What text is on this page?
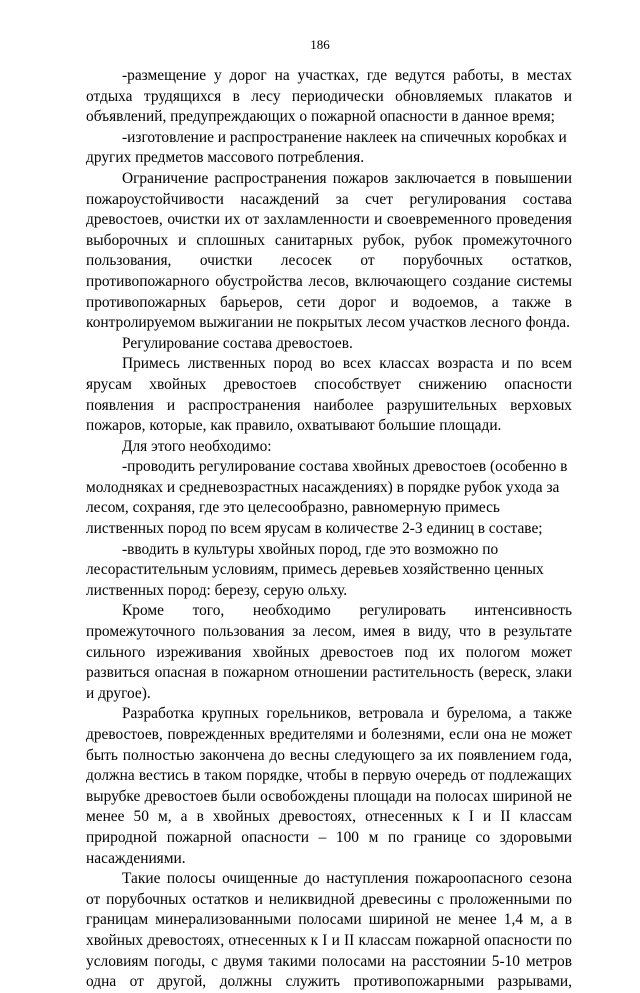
186

-размещение у дорог на участках, где ведутся работы, в местах отдыха трудящихся в лесу периодически обновляемых плакатов и объявлений, предупреждающих о пожарной опасности в данное время;

-изготовление и распространение наклеек на спичечных коробках и других предметов массового потребления.

Ограничение распространения пожаров заключается в повышении пожароустойчивости насаждений за счет регулирования состава древостоев, очистки их от захламленности и своевременного проведения выборочных и сплошных санитарных рубок, рубок промежуточного пользования, очистки лесосек от порубочных остатков, противопожарного обустройства лесов, включающего создание системы противопожарных барьеров, сети дорог и водоемов, а также в контролируемом выжигании не покрытых лесом участков лесного фонда.

Регулирование состава древостоев.

Примесь лиственных пород во всех классах возраста и по всем ярусам хвойных древостоев способствует снижению опасности появления и распространения наиболее разрушительных верховых пожаров, которые, как правило, охватывают большие площади.

Для этого необходимо:

-проводить регулирование состава хвойных древостоев (особенно в молодняках и средневозрастных насаждениях) в порядке рубок ухода за лесом, сохраняя, где это целесообразно, равномерную примесь лиственных пород по всем ярусам в количестве 2-3 единиц в составе;

-вводить в культуры хвойных пород, где это возможно по лесорастительным условиям, примесь деревьев хозяйственно ценных лиственных пород: березу, серую ольху.

Кроме того, необходимо регулировать интенсивность промежуточного пользования за лесом, имея в виду, что в результате сильного изреживания хвойных древостоев под их пологом может развиться опасная в пожарном отношении растительность (вереск, злаки и другое).

Разработка крупных горельников, ветровала и бурелома, а также древостоев, поврежденных вредителями и болезнями, если она не может быть полностью закончена до весны следующего за их появлением года, должна вестись в таком порядке, чтобы в первую очередь от подлежащих вырубке древостоев были освобождены площади на полосах шириной не менее 50 м, а в хвойных древостоях, отнесенных к I и II классам природной пожарной опасности – 100 м по границе со здоровыми насаждениями.

Такие полосы очищенные до наступления пожароопасного сезона от порубочных остатков и неликвидной древесины с проложенными по границам минерализованными полосами шириной не менее 1,4 м, а в хвойных древостоях, отнесенных к I и II классам пожарной опасности по условиям погоды, с двумя такими полосами на расстоянии 5-10 метров одна от другой, должны служить противопожарными разрывами,
